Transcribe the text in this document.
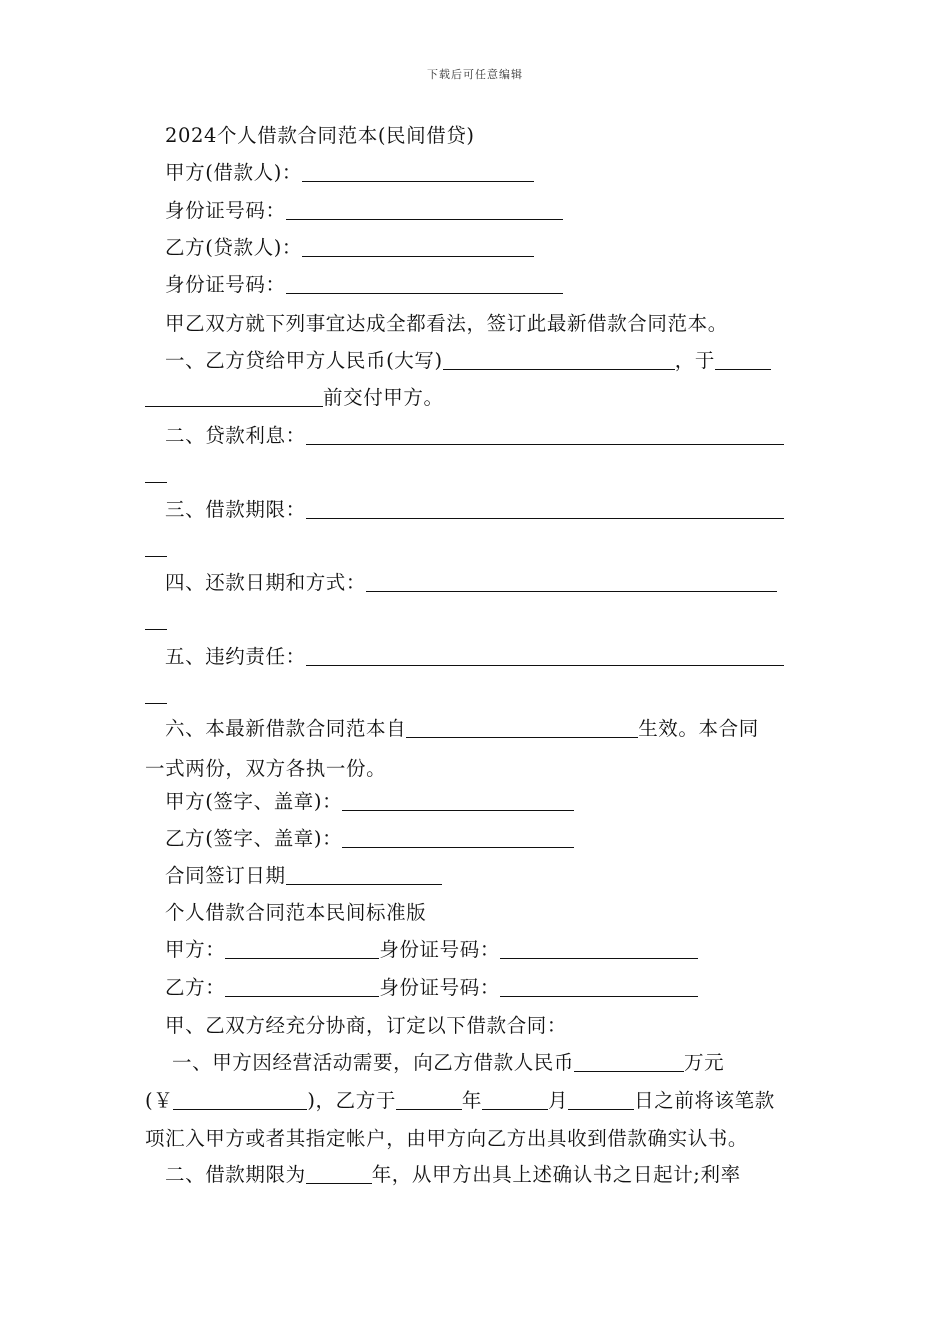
下载后可任意编辑
2024个人借款合同范本(民间借贷)
甲方(借款人)：
身份证号码：
乙方(贷款人)：
身份证号码：
甲乙双方就下列事宜达成全都看法，签订此最新借款合同范本。
一、乙方贷给甲方人民币(大写)	，于
前交付甲方。
二、贷款利息：
三、借款期限：
四、还款日期和方式：
五、违约责任：
六、本最新借款合同范本自	生效。本合同
一式两份，双方各执一份。
甲方(签字、盖章)：
乙方(签字、盖章)：
合同签订日期
个人借款合同范本民间标准版
甲方：	身份证号码：
乙方：	身份证号码：
甲、乙双方经充分协商，订定以下借款合同：
一、甲方因经营活动需要，向乙方借款人民币	万元
(￥	)，乙方于	年	月	日之前将该笔款
项汇入甲方或者其指定帐户，由甲方向乙方出具收到借款确实认书。
二、借款期限为	年，从甲方出具上述确认书之日起计;利率
